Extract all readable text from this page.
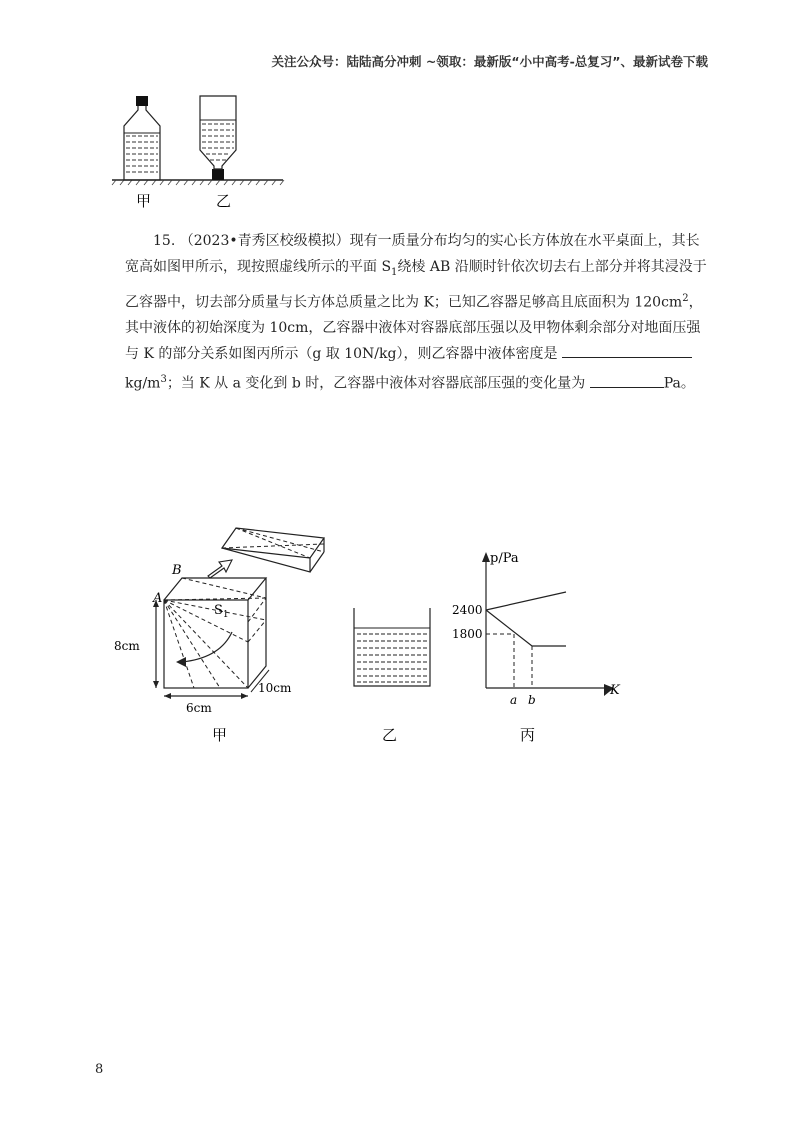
关注公众号：陆陆高分冲刺 ~领取：最新版“小中高考-总复习”、最新试卷下载
甲	乙

15. （2023•青秀区校级模拟）现有一质量分布均匀的实心长方体放在水平桌面上，其长

宽高如图甲所示，现按照虚线所示的平面 $S_1$绕棱 AB 沿顺时针依次切去右上部分并将其浸没于

乙容器中，切去部分质量与长方体总质量之比为 K；已知乙容器足够高且底面积为 $120cm^2$，

其中液体的初始深度为 10cm，乙容器中液体对容器底部压强以及甲物体剩余部分对地面压强

与 K 的部分关系如图丙所示（g 取 10N/kg），则乙容器中液体密度是

$kg/m^3$；当 K 从 a 变化到 b 时，乙容器中液体对容器底部压强的变化量为	Pa。

A
B
$S_1$
8cm
6cm
10cm
甲	乙
p/Pa
K
2400
1800
a b
丙
8
